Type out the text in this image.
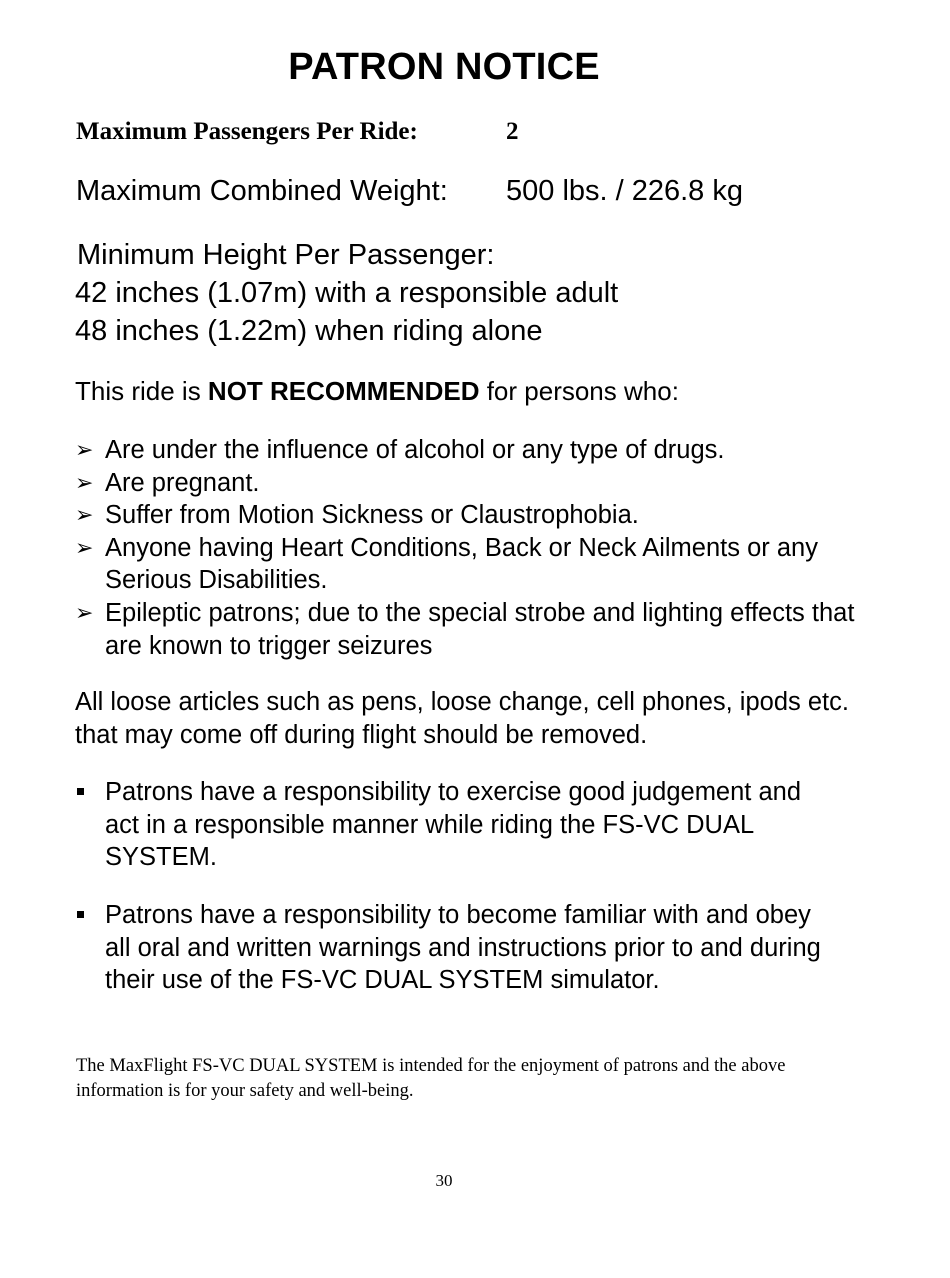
PATRON NOTICE
Maximum Passengers Per Ride:	2
Maximum Combined Weight: 500 lbs. / 226.8 kg
Minimum Height Per Passenger:
42 inches (1.07m) with a responsible adult
48 inches (1.22m) when riding alone
This ride is NOT RECOMMENDED for persons who:
➢ Are under the influence of alcohol or any type of drugs.
➢ Are pregnant.
➢ Suffer from Motion Sickness or Claustrophobia.
➢ Anyone having Heart Conditions, Back or Neck Ailments or any Serious Disabilities.
➢ Epileptic patrons; due to the special strobe and lighting effects that are known to trigger seizures
All loose articles such as pens, loose change, cell phones, ipods etc. that may come off during flight should be removed.
Patrons have a responsibility to exercise good judgement and act in a responsible manner while riding the FS-VC DUAL SYSTEM.
Patrons have a responsibility to become familiar with and obey all oral and written warnings and instructions prior to and during their use of the FS-VC DUAL SYSTEM simulator.
The MaxFlight FS-VC DUAL SYSTEM is intended for the enjoyment of patrons and the above information is for your safety and well-being.
30
